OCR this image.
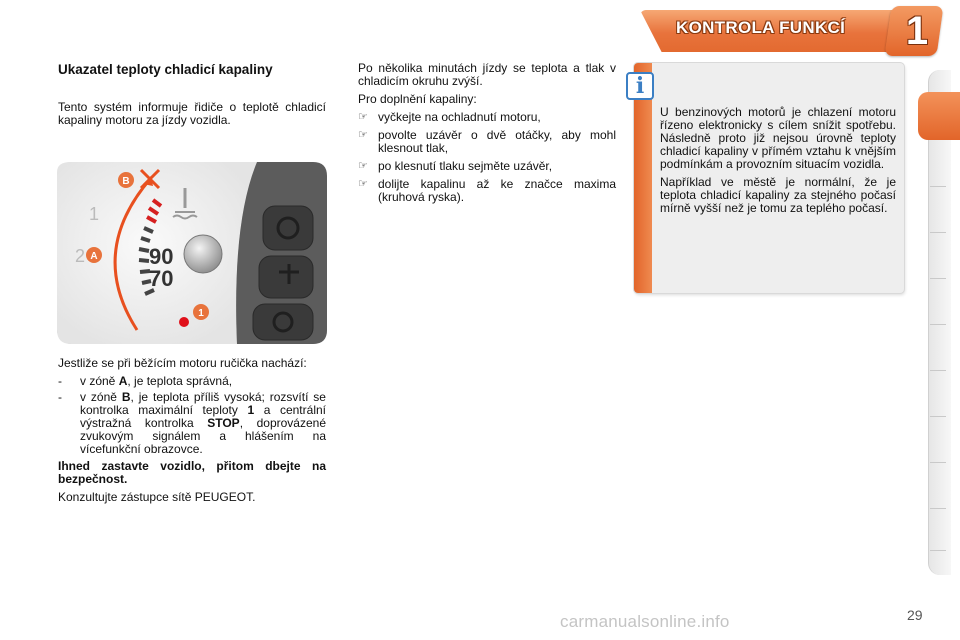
KONTROLA FUNKCÍ 1
Ukazatel teploty chladicí kapaliny
Tento systém informuje řidiče o teplotě chladicí kapaliny motoru za jízdy vozidla.
1
2	90
70
B
A
1
Jestliže se při běžícím motoru ručička nachází:
- v zóně A, je teplota správná,
- v zóně B, je teplota příliš vysoká; rozsvítí se kontrolka maximální teploty 1 a centrální výstražná kontrolka STOP, doprovázené zvukovým signálem a hlášením na vícefunkční obrazovce.
Ihned zastavte vozidlo, přitom dbejte na bezpečnost.
Konzultujte zástupce sítě PEUGEOT.
Po několika minutách jízdy se teplota a tlak v chladicím okruhu zvýší.
Pro doplnění kapaliny:
☞ vyčkejte na ochladnutí motoru,
☞ povolte uzávěr o dvě otáčky, aby mohl klesnout tlak,
☞ po klesnutí tlaku sejměte uzávěr,
☞ dolijte kapalinu až ke značce maxima (kruhová ryska).
i
U benzinových motorů je chlazení motoru řízeno elektronicky s cílem snížit spotřebu. Následně proto již nejsou úrovně teploty chladicí kapaliny v přímém vztahu k vnějším podmínkám a provozním situacím vozidla.
Například ve městě je normální, že je teplota chladicí kapaliny za stejného počasí mírně vyšší než je tomu za teplého počasí.
carmanualsonline.info	29
